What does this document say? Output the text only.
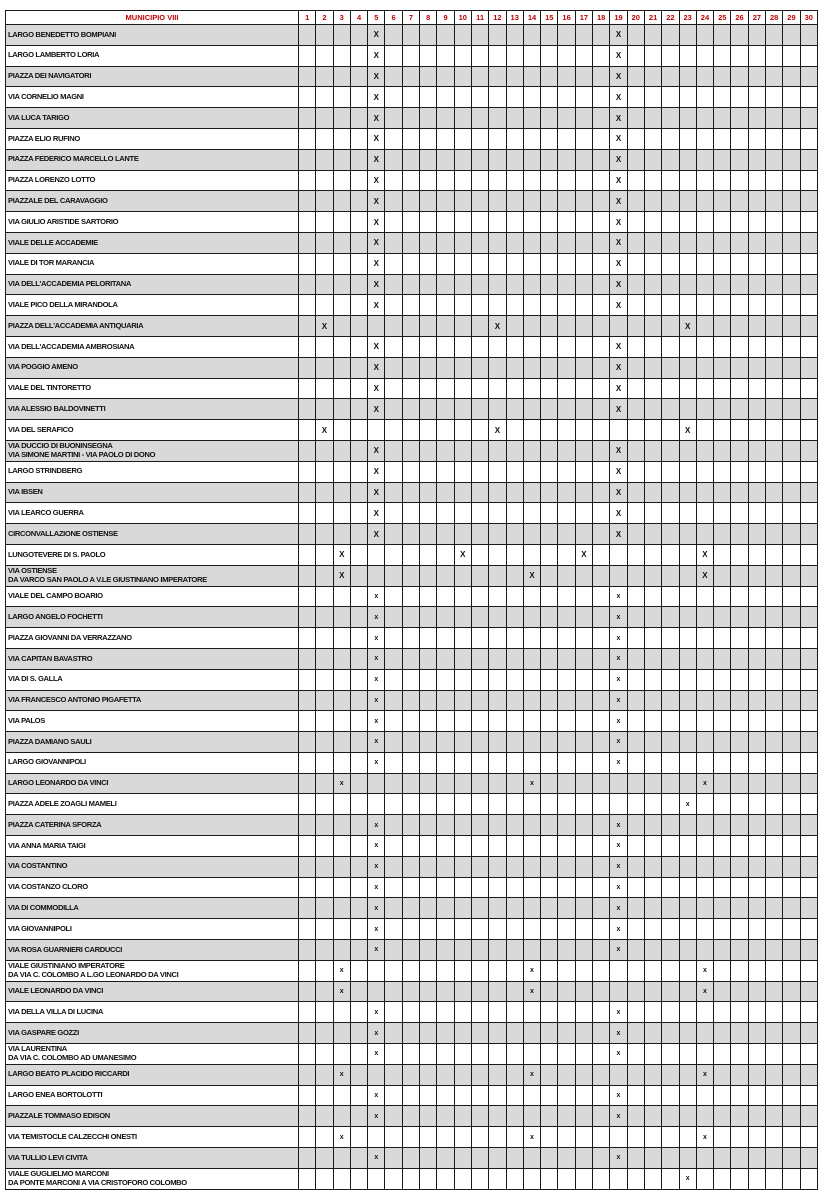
MUNICIPIO VIII	1	2	3	4	5	6	7	8	9	10	11	12	13	14	15	16	17	18	19	20	21	22	23	24	25	26	27	28	29	30

LARGO BENEDETTO BOMPIANI					X														X											

LARGO LAMBERTO LORIA					X														X											

PIAZZA DEI NAVIGATORI					X														X											

VIA CORNELIO MAGNI					X														X											

VIA LUCA TARIGO					X														X											

PIAZZA ELIO RUFINO					X														X											

PIAZZA FEDERICO MARCELLO LANTE					X														X											

PIAZZA LORENZO LOTTO					X														X											

PIAZZALE DEL CARAVAGGIO					X														X											

VIA GIULIO ARISTIDE SARTORIO					X														X											

VIALE DELLE ACCADEMIE					X														X											

VIALE DI TOR MARANCIA					X														X											

VIA DELL'ACCADEMIA PELORITANA					X														X											

VIALE PICO DELLA MIRANDOLA					X														X											

PIAZZA DELL'ACCADEMIA ANTIQUARIA		X										X											X							

VIA DELL'ACCADEMIA AMBROSIANA					X														X											

VIA POGGIO AMENO					X														X											

VIALE DEL TINTORETTO					X														X											

VIA ALESSIO BALDOVINETTI					X														X											

VIA DEL SERAFICO		X										X											X							

VIA DUCCIO DI BUONINSEGNA
VIA SIMONE MARTINI - VIA PAOLO DI DONO					X														X											

LARGO STRINDBERG					X														X											

VIA IBSEN					X														X											

VIA LEARCO GUERRA					X														X											

CIRCONVALLAZIONE OSTIENSE					X														X											

LUNGOTEVERE DI S. PAOLO			X							X							X							X						

VIA OSTIENSE
DA VARCO SAN PAOLO A V.LE GIUSTINIANO IMPERATORE			X											X										X						

VIALE DEL CAMPO BOARIO					x														x											

LARGO ANGELO FOCHETTI					x														x											

PIAZZA GIOVANNI DA VERRAZZANO					x														x											

VIA CAPITAN BAVASTRO					x														x											

VIA DI S. GALLA					x														x											

VIA FRANCESCO ANTONIO PIGAFETTA					x														x											

VIA PALOS					x														x											

PIAZZA DAMIANO SAULI					x														x											

LARGO GIOVANNIPOLI					x														x											

LARGO LEONARDO DA VINCI			x											x										x						

PIAZZA ADELE ZOAGLI MAMELI																							x							

PIAZZA CATERINA SFORZA					x														x											

VIA ANNA MARIA TAIGI					x														x											

VIA COSTANTINO					x														x											

VIA COSTANZO CLORO					x														x											

VIA DI COMMODILLA					x														x											

VIA GIOVANNIPOLI					x														x											

VIA ROSA GUARNIERI CARDUCCI					x														x											

VIALE GIUSTINIANO IMPERATORE
DA VIA C. COLOMBO A L.GO LEONARDO DA VINCI			x											x										x						

VIALE LEONARDO DA VINCI			x											x										x						

VIA DELLA VILLA DI LUCINA					x														x											

VIA GASPARE GOZZI					x														x											

VIA LAURENTINA
DA VIA C. COLOMBO AD UMANESIMO					x														x											

LARGO BEATO PLACIDO RICCARDI			x											x										x						

LARGO ENEA BORTOLOTTI					x														x											

PIAZZALE TOMMASO EDISON					x														x											

VIA TEMISTOCLE CALZECCHI ONESTI			x											x										x						

VIA TULLIO LEVI CIVITA					x														x											

VIALE GUGLIELMO MARCONI
DA PONTE MARCONI A VIA CRISTOFORO COLOMBO																							x							
